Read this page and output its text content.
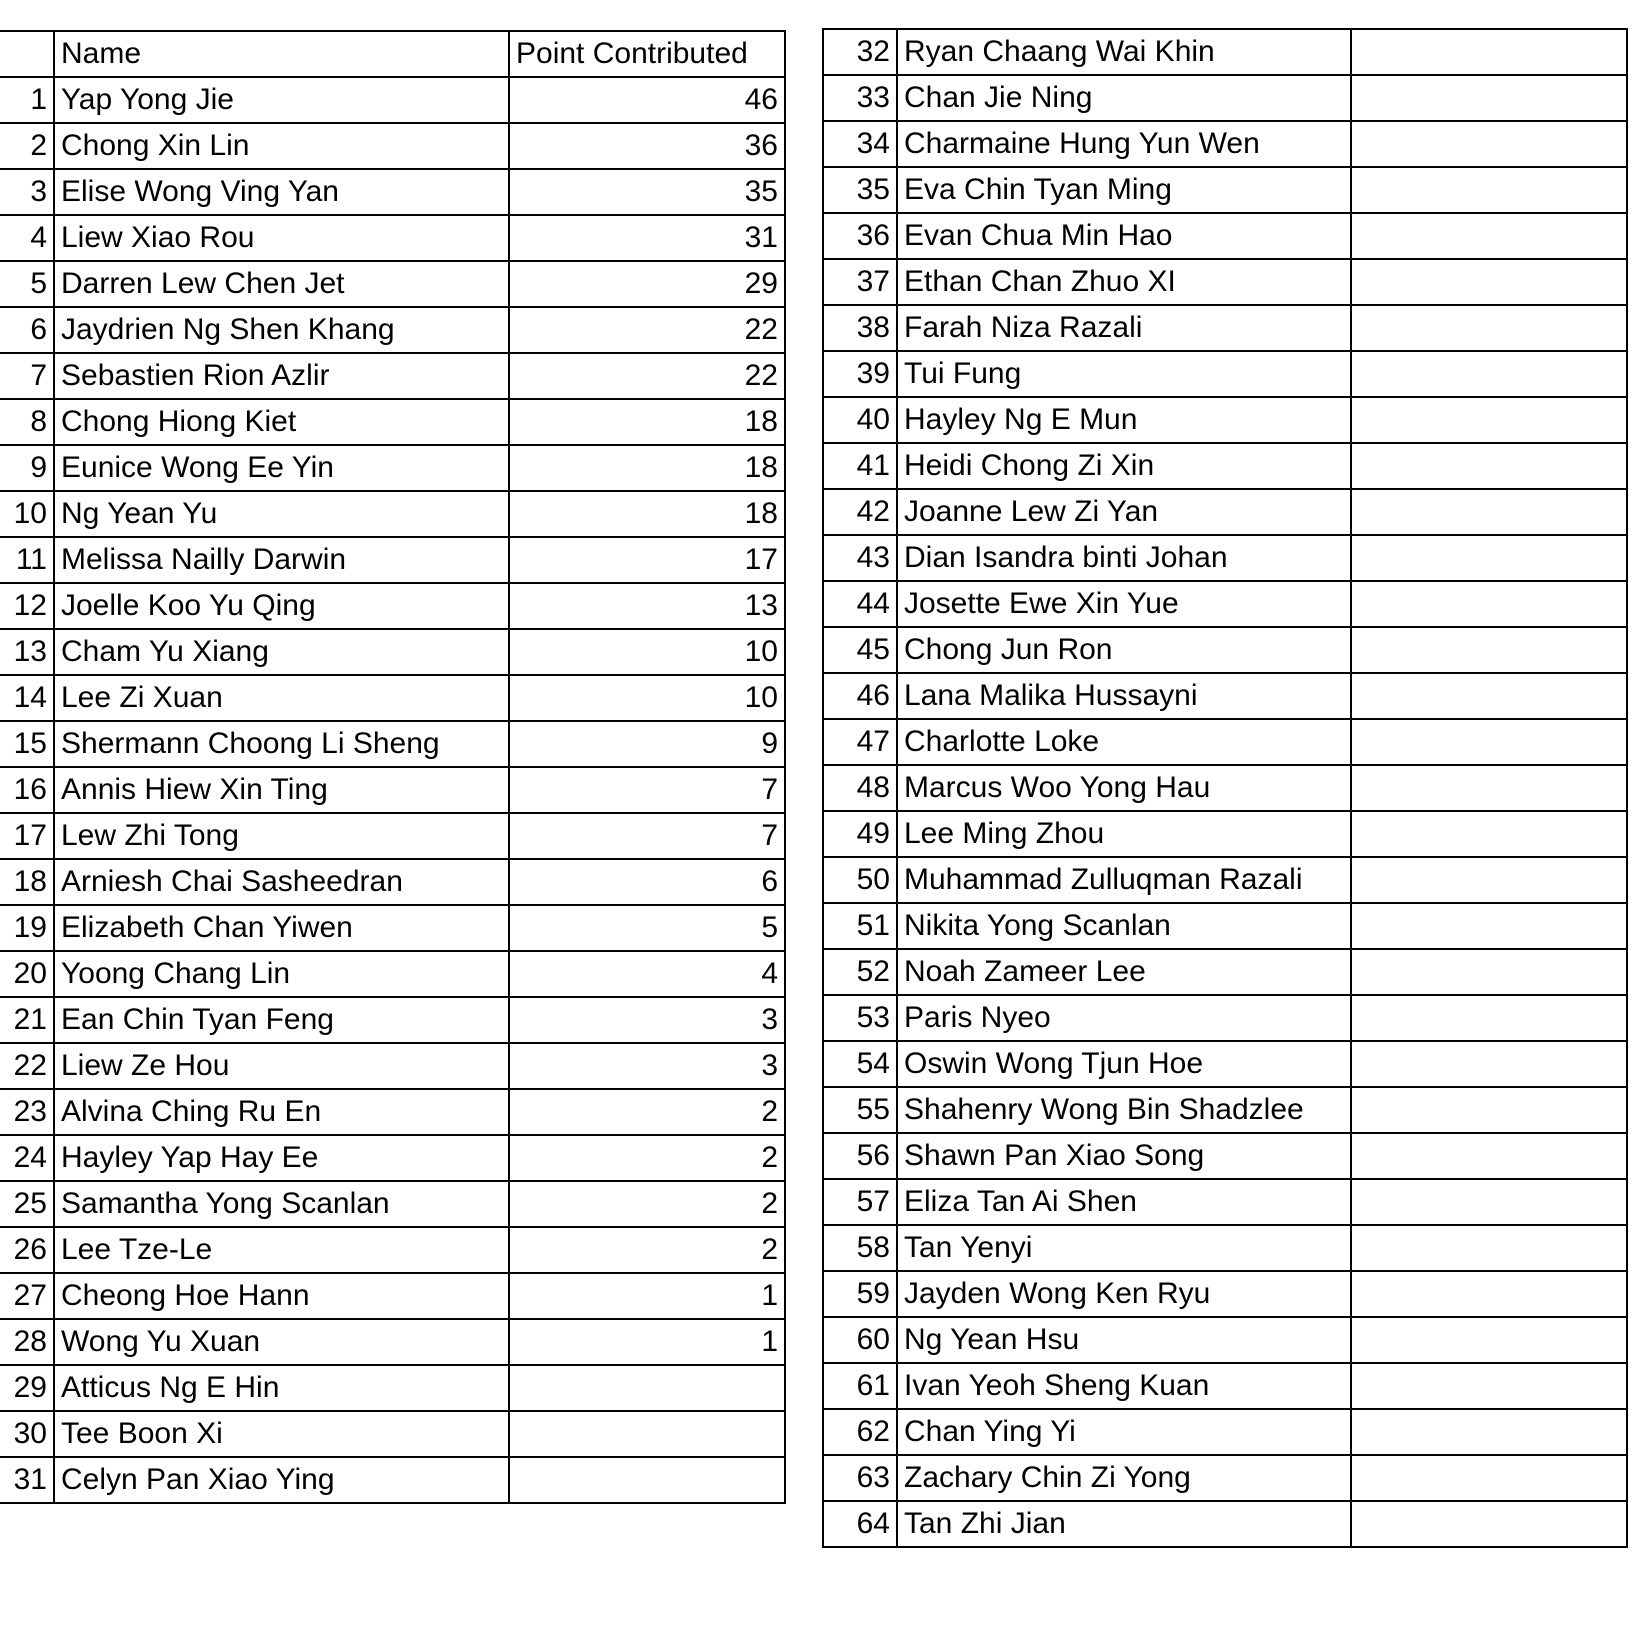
	Name	Point Contributed
1	Yap Yong Jie	46
2	Chong Xin Lin	36
3	Elise Wong Ving Yan	35
4	Liew Xiao Rou	31
5	Darren Lew Chen Jet	29
6	Jaydrien Ng Shen Khang	22
7	Sebastien Rion Azlir	22
8	Chong Hiong Kiet	18
9	Eunice Wong Ee Yin	18
10	Ng Yean Yu	18
11	Melissa Nailly Darwin	17
12	Joelle Koo Yu Qing	13
13	Cham Yu Xiang	10
14	Lee Zi Xuan	10
15	Shermann Choong Li Sheng	9
16	Annis Hiew Xin Ting	7
17	Lew Zhi Tong	7
18	Arniesh Chai Sasheedran	6
19	Elizabeth Chan Yiwen	5
20	Yoong Chang Lin	4
21	Ean Chin Tyan Feng	3
22	Liew Ze Hou	3
23	Alvina Ching Ru En	2
24	Hayley Yap Hay Ee	2
25	Samantha Yong Scanlan	2
26	Lee Tze-Le	2
27	Cheong Hoe Hann	1
28	Wong Yu Xuan	1
29	Atticus Ng E Hin	
30	Tee Boon Xi	
31	Celyn Pan Xiao Ying	
32	Ryan Chaang Wai Khin	
33	Chan Jie Ning	
34	Charmaine Hung Yun Wen	
35	Eva Chin Tyan Ming	
36	Evan Chua Min Hao	
37	Ethan Chan Zhuo XI	
38	Farah Niza Razali	
39	Tui Fung	
40	Hayley Ng E Mun	
41	Heidi Chong Zi Xin	
42	Joanne Lew Zi Yan	
43	Dian Isandra binti Johan	
44	Josette Ewe Xin Yue	
45	Chong Jun Ron	
46	Lana Malika Hussayni	
47	Charlotte Loke	
48	Marcus Woo Yong Hau	
49	Lee Ming Zhou	
50	Muhammad Zulluqman Razali	
51	Nikita Yong Scanlan	
52	Noah Zameer Lee	
53	Paris Nyeo	
54	Oswin Wong Tjun Hoe	
55	Shahenry Wong Bin Shadzlee	
56	Shawn Pan Xiao Song	
57	Eliza Tan Ai Shen	
58	Tan Yenyi	
59	Jayden Wong Ken Ryu	
60	Ng Yean Hsu	
61	Ivan Yeoh Sheng Kuan	
62	Chan Ying Yi	
63	Zachary Chin Zi Yong	
64	Tan Zhi Jian	
